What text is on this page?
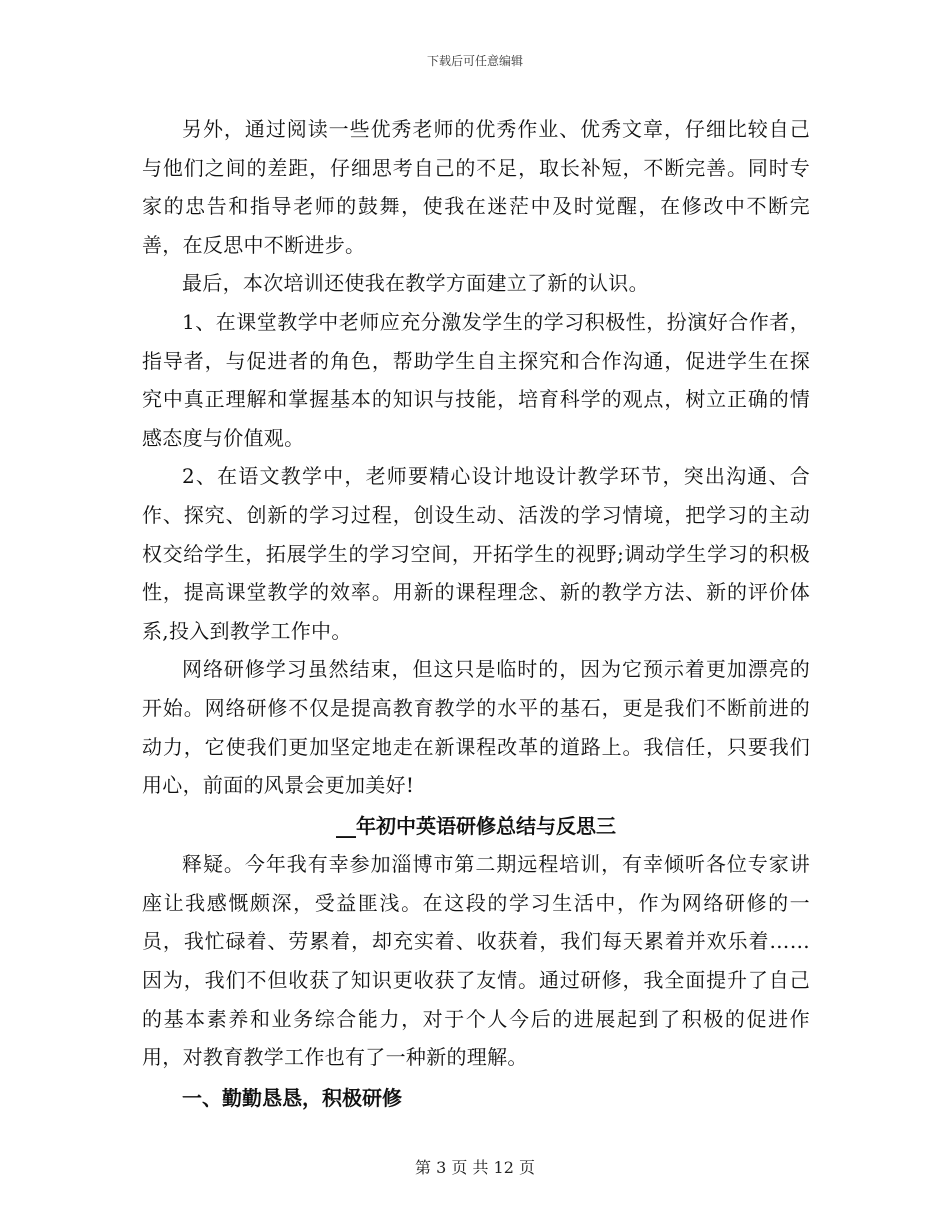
下载后可任意编辑

另外，通过阅读一些优秀老师的优秀作业、优秀文章，仔细比较自己与他们之间的差距，仔细思考自己的不足，取长补短，不断完善。同时专家的忠告和指导老师的鼓舞，使我在迷茫中及时觉醒，在修改中不断完善，在反思中不断进步。

最后，本次培训还使我在教学方面建立了新的认识。

1、在课堂教学中老师应充分激发学生的学习积极性，扮演好合作者，指导者，与促进者的角色，帮助学生自主探究和合作沟通，促进学生在探究中真正理解和掌握基本的知识与技能，培育科学的观点，树立正确的情感态度与价值观。

2、在语文教学中，老师要精心设计地设计教学环节，突出沟通、合作、探究、创新的学习过程，创设生动、活泼的学习情境，把学习的主动权交给学生，拓展学生的学习空间，开拓学生的视野;调动学生学习的积极性，提高课堂教学的效率。用新的课程理念、新的教学方法、新的评价体系,投入到教学工作中。

网络研修学习虽然结束，但这只是临时的，因为它预示着更加漂亮的开始。网络研修不仅是提高教育教学的水平的基石，更是我们不断前进的动力，它使我们更加坚定地走在新课程改革的道路上。我信任，只要我们用心，前面的风景会更加美好!

__年初中英语研修总结与反思三

释疑。今年我有幸参加淄博市第二期远程培训，有幸倾听各位专家讲座让我感慨颇深，受益匪浅。在这段的学习生活中，作为网络研修的一员，我忙碌着、劳累着，却充实着、收获着，我们每天累着并欢乐着……因为，我们不但收获了知识更收获了友情。通过研修，我全面提升了自己的基本素养和业务综合能力，对于个人今后的进展起到了积极的促进作用，对教育教学工作也有了一种新的理解。

一、勤勤恳恳，积极研修
第 3 页 共 12 页
